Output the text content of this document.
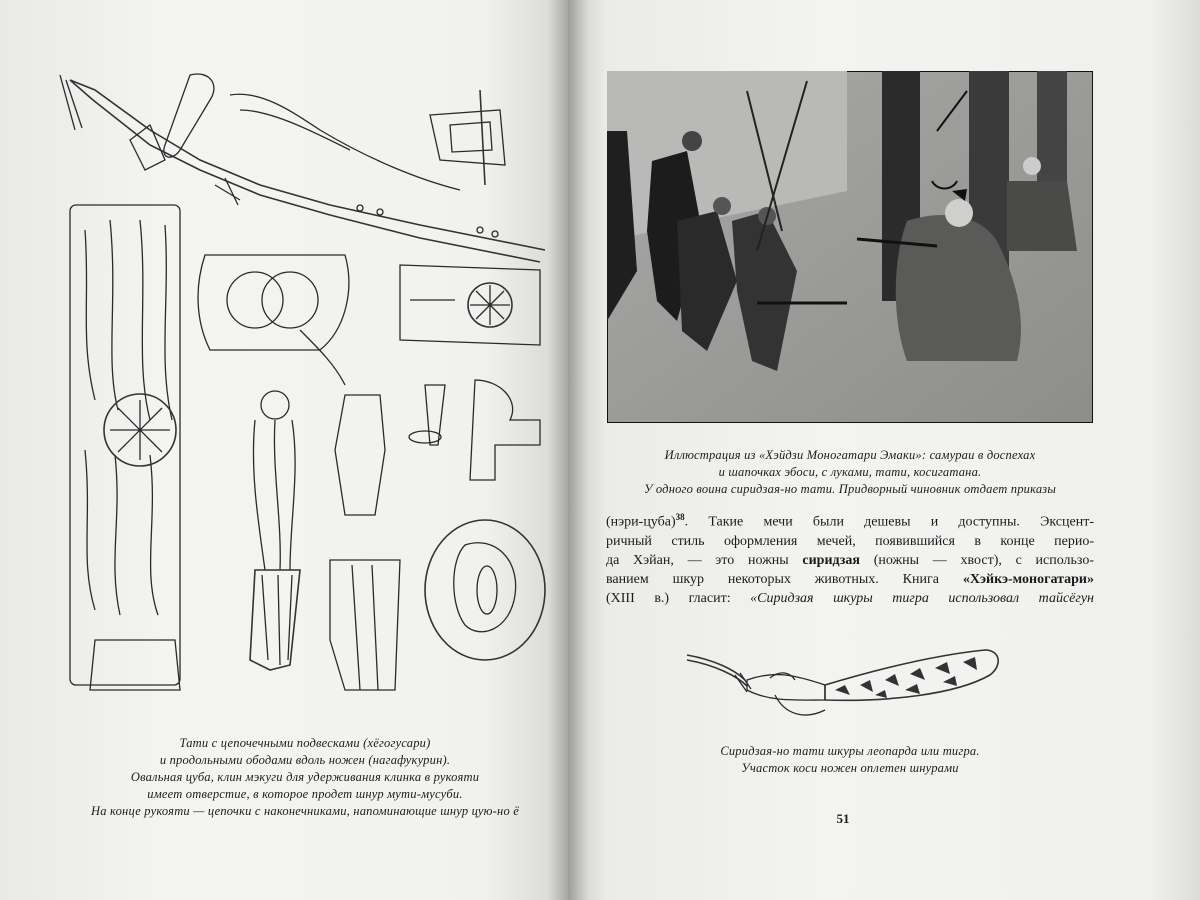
Тати с цепочечными подвесками (хёгогусари)
и продольными ободами вдоль ножен (нагафукурин).
Овальная цуба, клин мэкуги для удерживания клинка в рукояти
имеет отверстие, в которое продет шнур мути-мусуби.
На конце рукояти — цепочки с наконечниками, напоминающие шнур цую-но ё
Иллюстрация из «Хэйдзи Моногатари Эмаки»: самураи в доспехах
и шапочках эбоси, с луками, тати, косигатана.
У одного воина сиридзая-но тати. Придворный чиновник отдает приказы
(нэри-цуба)$^{38}$. Такие мечи были дешевы и доступны. Эксцент-
ричный стиль оформления мечей, появившийся в конце перио-
да Хэйан, — это ножны сиридзая (ножны — хвост), с использо-
ванием шкур некоторых животных. Книга «Хэйкэ-моногатари»
(XIII в.) гласит: «Сиридзая шкуры тигра использовал тайсёгун
Сиридзая-но тати шкуры леопарда или тигра.
Участок коси ножен оплетен шнурами
51
